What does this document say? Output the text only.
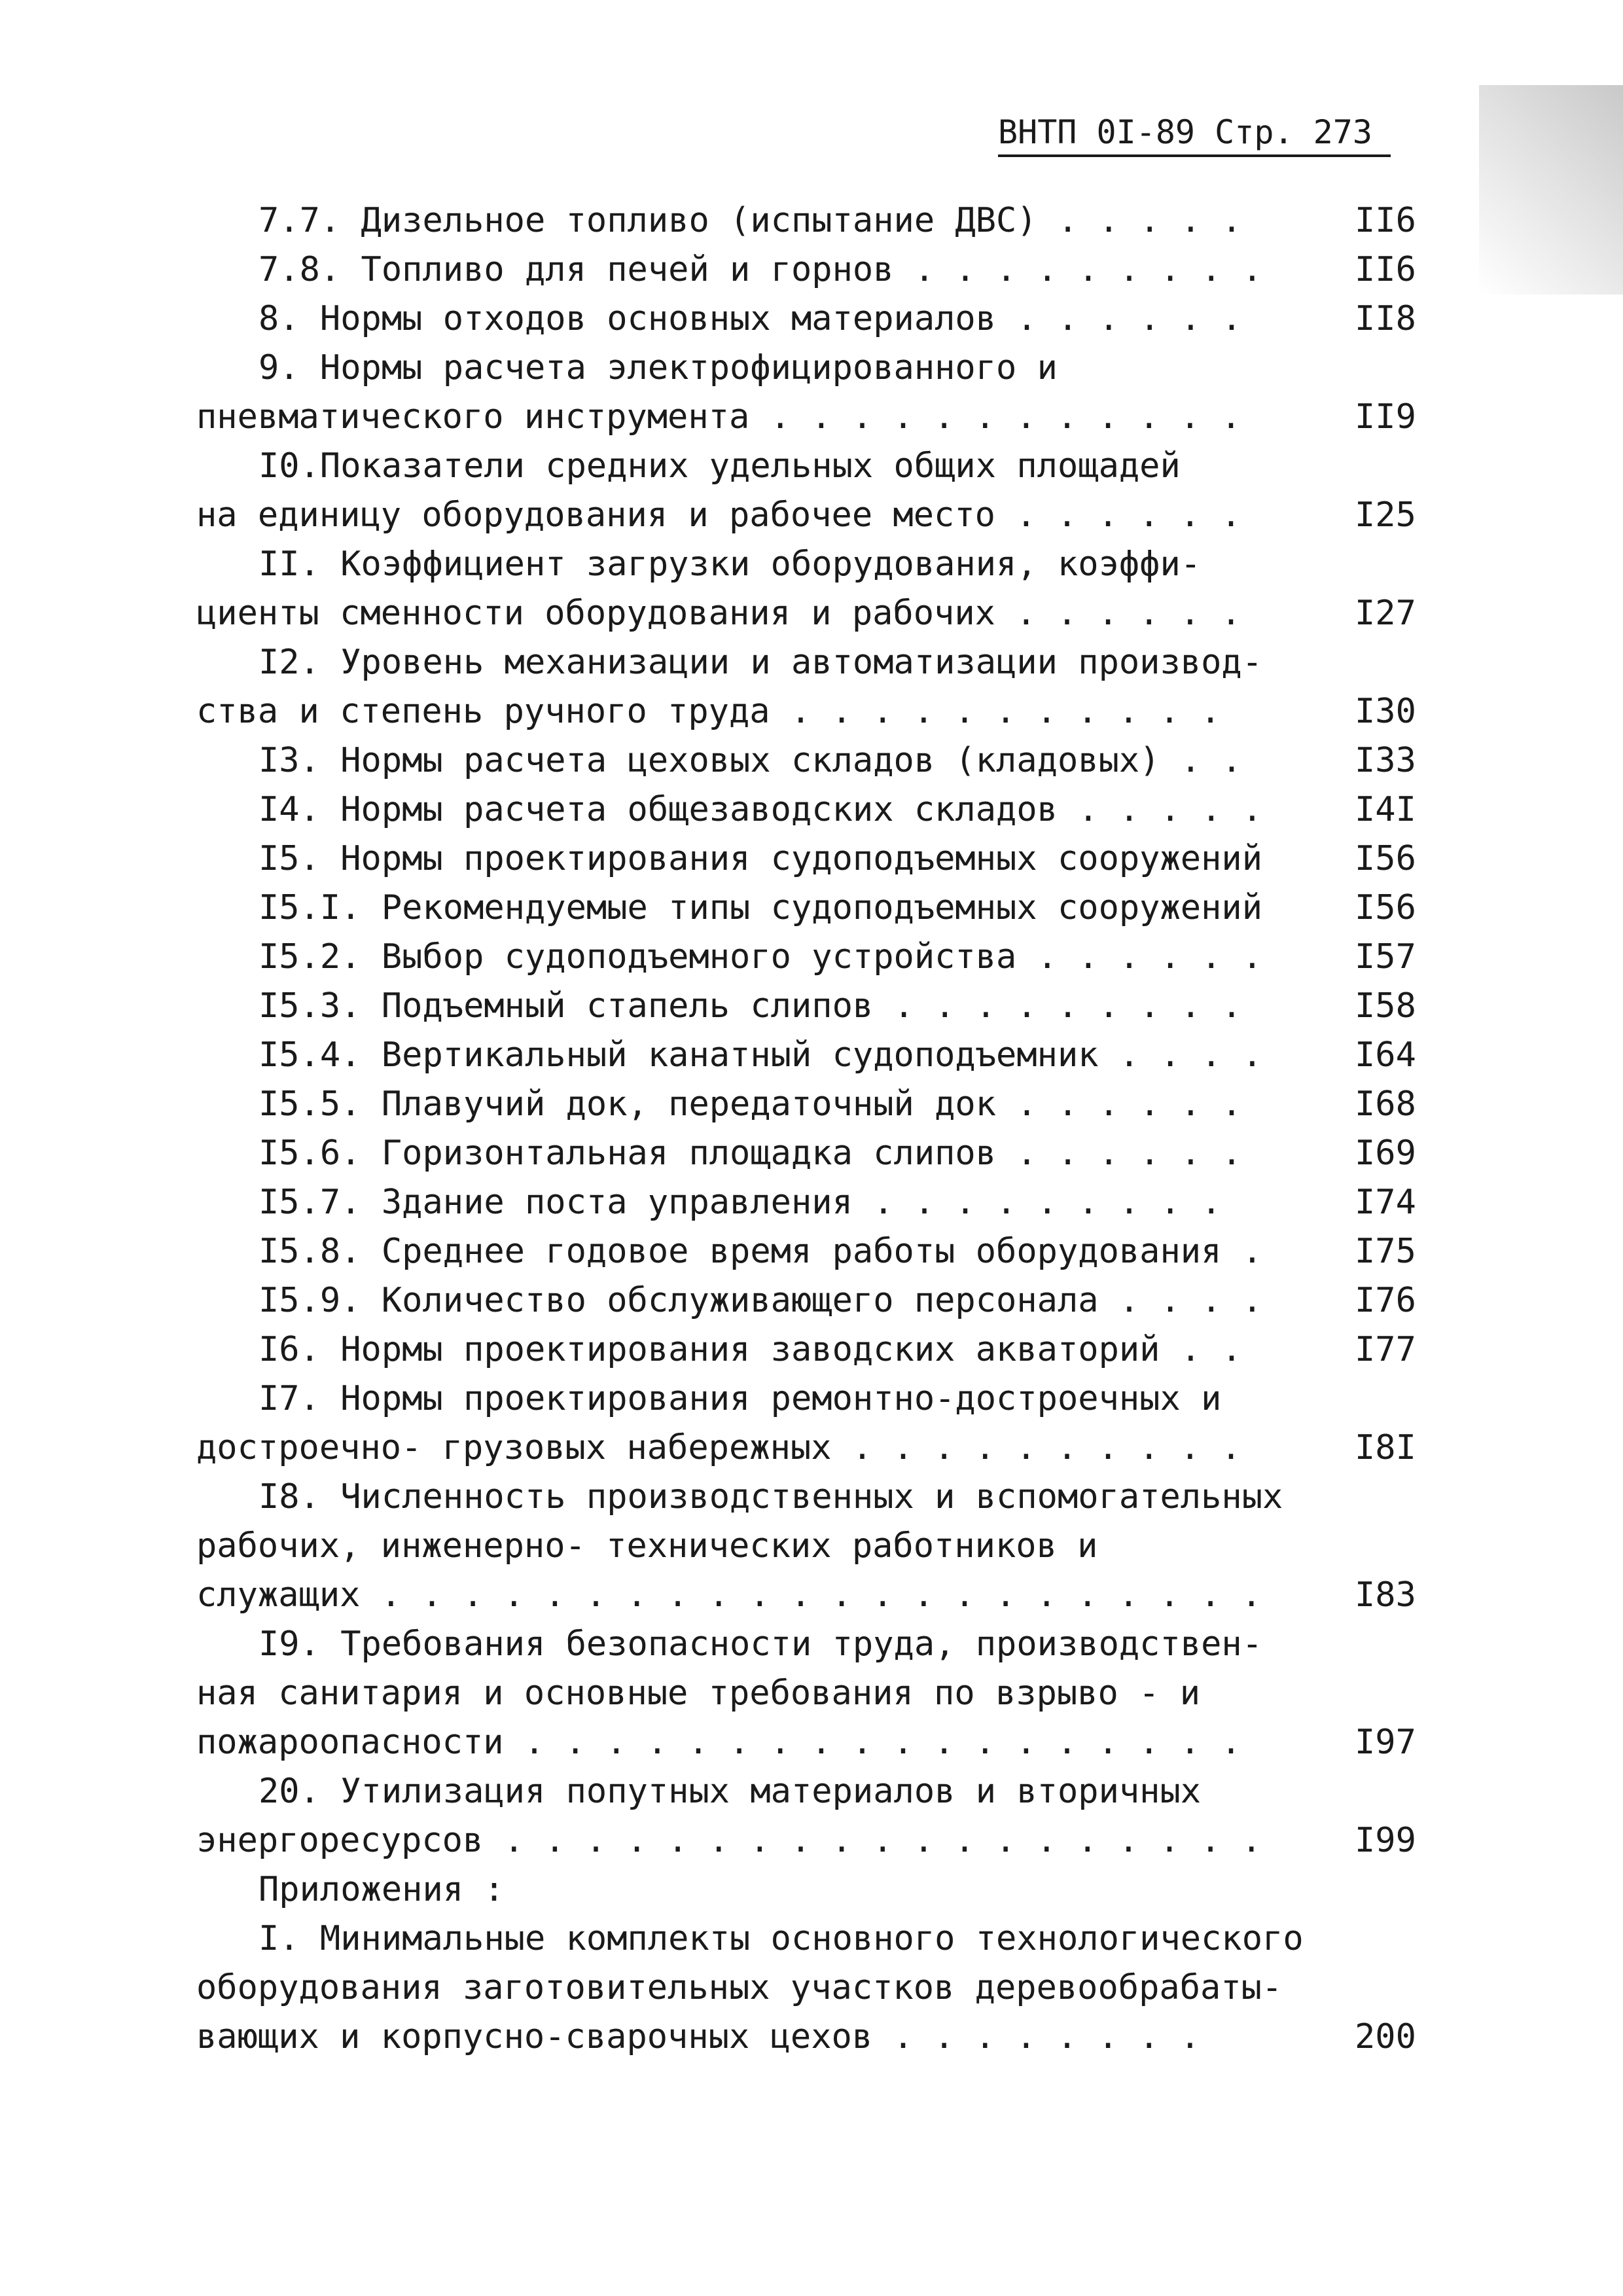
ВНТП 0I-89 Стр. 273
7.7. Дизельное топливо (испытание ДВС) . . . . .	II6
7.8. Топливо для печей и горнов . . . . . . . . .	II6
8. Нормы отходов основных материалов . . . . . .	II8
9. Нормы расчета электрофицированного и
пневматического инструмента . . . . . . . . . . . .	II9
I0.Показатели средних удельных общих площадей
на единицу оборудования и рабочее место . . . . . .	I25
II. Коэффициент загрузки оборудования, коэффи-
циенты сменности оборудования и рабочих . . . . . .	I27
I2. Уровень механизации и автоматизации производ-
ства и степень ручного труда . . . . . . . . . . .	I30
I3. Нормы расчета цеховых складов (кладовых) . .	I33
I4. Нормы расчета общезаводских складов . . . . .	I4I
I5. Нормы проектирования судоподъемных сооружений	I56
I5.I. Рекомендуемые типы судоподъемных сооружений	I56
I5.2. Выбор судоподъемного устройства . . . . . .	I57
I5.3. Подъемный стапель слипов . . . . . . . . .	I58
I5.4. Вертикальный канатный судоподъемник . . . .	I64
I5.5. Плавучий док, передаточный док . . . . . .	I68
I5.6. Горизонтальная площадка слипов . . . . . .	I69
I5.7. Здание поста управления . . . . . . . . .	I74
I5.8. Среднее годовое время работы оборудования .	I75
I5.9. Количество обслуживающего персонала . . . .	I76
I6. Нормы проектирования заводских акваторий . .	I77
I7. Нормы проектирования ремонтно-достроечных и
достроечно- грузовых набережных . . . . . . . . . .	I8I
I8. Численность производственных и вспомогательных
рабочих, инженерно- технических работников и
служащих . . . . . . . . . . . . . . . . . . . . . .	I83
I9. Требования безопасности труда, производствен-
ная санитария и основные требования по взрыво - и
пожароопасности . . . . . . . . . . . . . . . . . .	I97
20. Утилизация попутных материалов и вторичных
энергоресурсов . . . . . . . . . . . . . . . . . . .	I99
Приложения :
I. Минимальные комплекты основного технологического
оборудования заготовительных участков деревообрабаты-
вающих и корпусно-сварочных цехов . . . . . . . .	200
